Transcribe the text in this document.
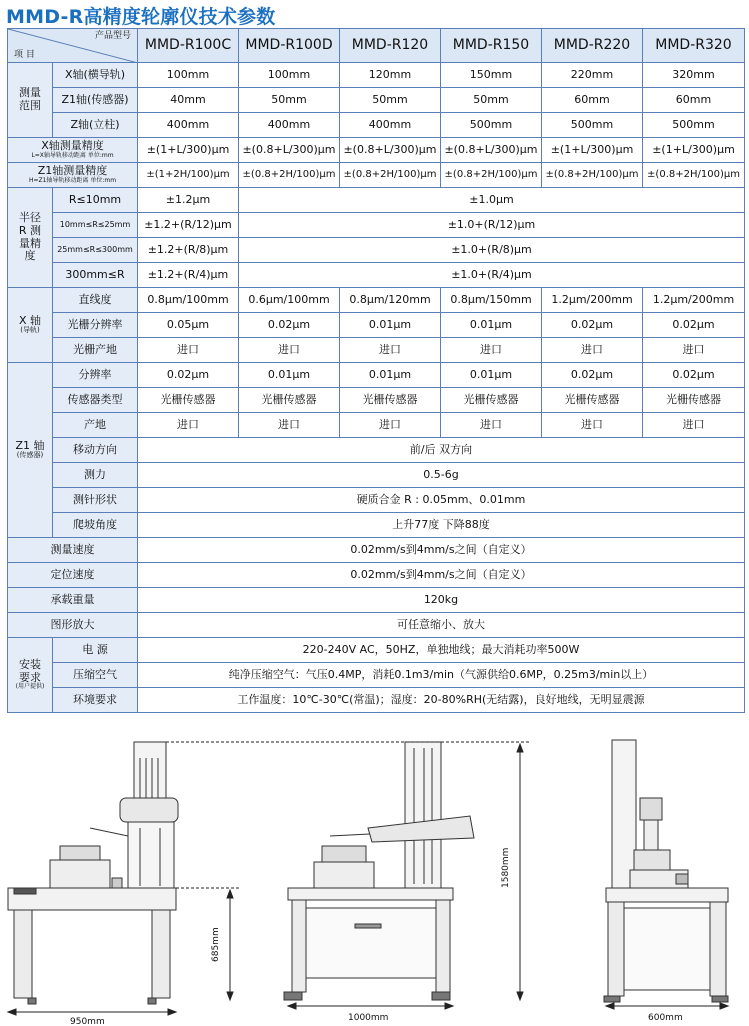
MMD-R高精度轮廓仪技术参数
产品型号
项 目		MMD-R100C	MMD-R100D	MMD-R120	MMD-R150	MMD-R220	MMD-R320
测量范围	X轴(横导轨)	100mm	100mm	120mm	150mm	220mm	320mm
	Z1轴(传感器)	40mm	50mm	50mm	50mm	60mm	60mm
	Z轴(立柱)	400mm	400mm	400mm	500mm	500mm	500mm
X轴测量精度
L=X轴导轨移动距离 单位:mm		±(1+L/300)μm	±(0.8+L/300)μm	±(0.8+L/300)μm	±(0.8+L/300)μm	±(1+L/300)μm	±(1+L/300)μm
Z1轴测量精度
H=Z1轴导轨移动距离 单位:mm		±(1+2H/100)μm	±(0.8+2H/100)μm	±(0.8+2H/100)μm	±(0.8+2H/100)μm	±(0.8+2H/100)μm	±(0.8+2H/100)μm
半径 R 测量精度	R≤10mm	±1.2μm	±1.0μm				
	10mm≤R≤25mm	±1.2+(R/12)μm	±1.0+(R/12)μm				
	25mm≤R≤300mm	±1.2+(R/8)μm	±1.0+(R/8)μm				
	300mm≤R	±1.2+(R/4)μm	±1.0+(R/4)μm				
X 轴
(导轨)	直线度	0.8μm/100mm	0.6μm/100mm	0.8μm/120mm	0.8μm/150mm	1.2μm/200mm	1.2μm/200mm
	光栅分辨率	0.05μm	0.02μm	0.01μm	0.01μm	0.02μm	0.02μm
	光栅产地	进口	进口	进口	进口	进口	进口
Z1 轴
(传感器)	分辨率	0.02μm	0.01μm	0.01μm	0.01μm	0.02μm	0.02μm
	传感器类型	光栅传感器	光栅传感器	光栅传感器	光栅传感器	光栅传感器	光栅传感器
	产地	进口	进口	进口	进口	进口	进口
	移动方向	前/后 双方向					
	测力	0.5-6g					
	测针形状	硬质合金 R : 0.05mm、0.01mm					
	爬坡角度	上升77度 下降88度					
测量速度		0.02mm/s到4mm/s之间（自定义）					
定位速度		0.02mm/s到4mm/s之间（自定义）					
承载重量		120kg					
图形放大		可任意缩小、放大					
安装要求
(用户提供)	电 源	220-240V AC，50HZ，单独地线；最大消耗功率500W					
	压缩空气	纯净压缩空气：气压0.4MP，消耗0.1m3/min（气源供给0.6MP，0.25m3/min以上）					
	环境要求	工作温度：10℃-30℃(常温)；湿度：20-80%RH(无结露)，良好地线，无明显震源					
685mm
1580mm
950mm	1000mm	600mm
